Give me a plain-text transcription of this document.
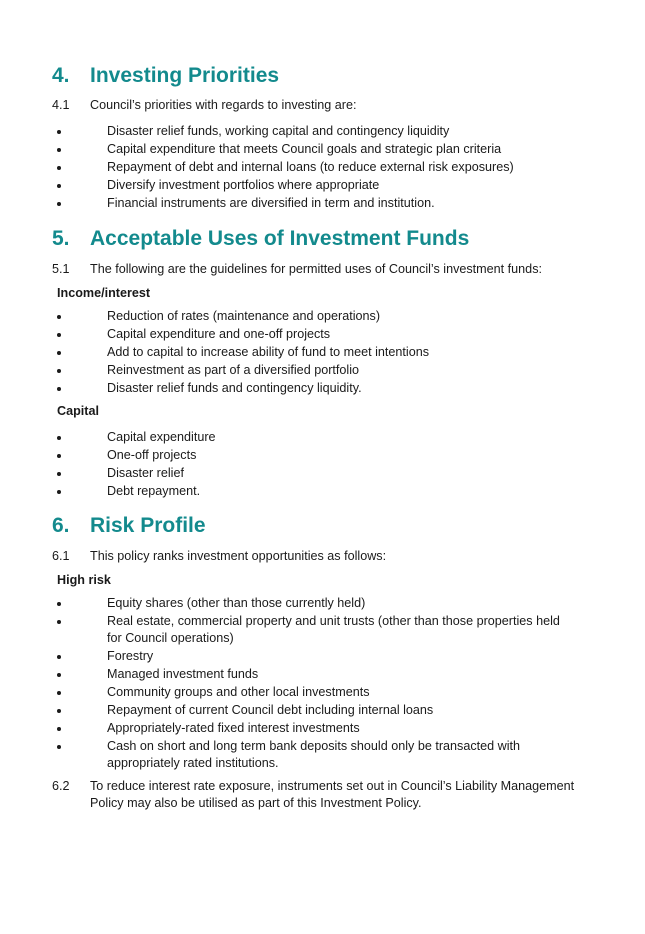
4. Investing Priorities
4.1 Council’s priorities with regards to investing are:
Disaster relief funds, working capital and contingency liquidity
Capital expenditure that meets Council goals and strategic plan criteria
Repayment of debt and internal loans (to reduce external risk exposures)
Diversify investment portfolios where appropriate
Financial instruments are diversified in term and institution.
5. Acceptable Uses of Investment Funds
5.1 The following are the guidelines for permitted uses of Council’s investment funds:
Income/interest
Reduction of rates (maintenance and operations)
Capital expenditure and one-off projects
Add to capital to increase ability of fund to meet intentions
Reinvestment as part of a diversified portfolio
Disaster relief funds and contingency liquidity.
Capital
Capital expenditure
One-off projects
Disaster relief
Debt repayment.
6. Risk Profile
6.1 This policy ranks investment opportunities as follows:
High risk
Equity shares (other than those currently held)
Real estate, commercial property and unit trusts (other than those properties held for Council operations)
Forestry
Managed investment funds
Community groups and other local investments
Repayment of current Council debt including internal loans
Appropriately-rated fixed interest investments
Cash on short and long term bank deposits should only be transacted with appropriately rated institutions.
6.2 To reduce interest rate exposure, instruments set out in Council’s Liability Management Policy may also be utilised as part of this Investment Policy.
